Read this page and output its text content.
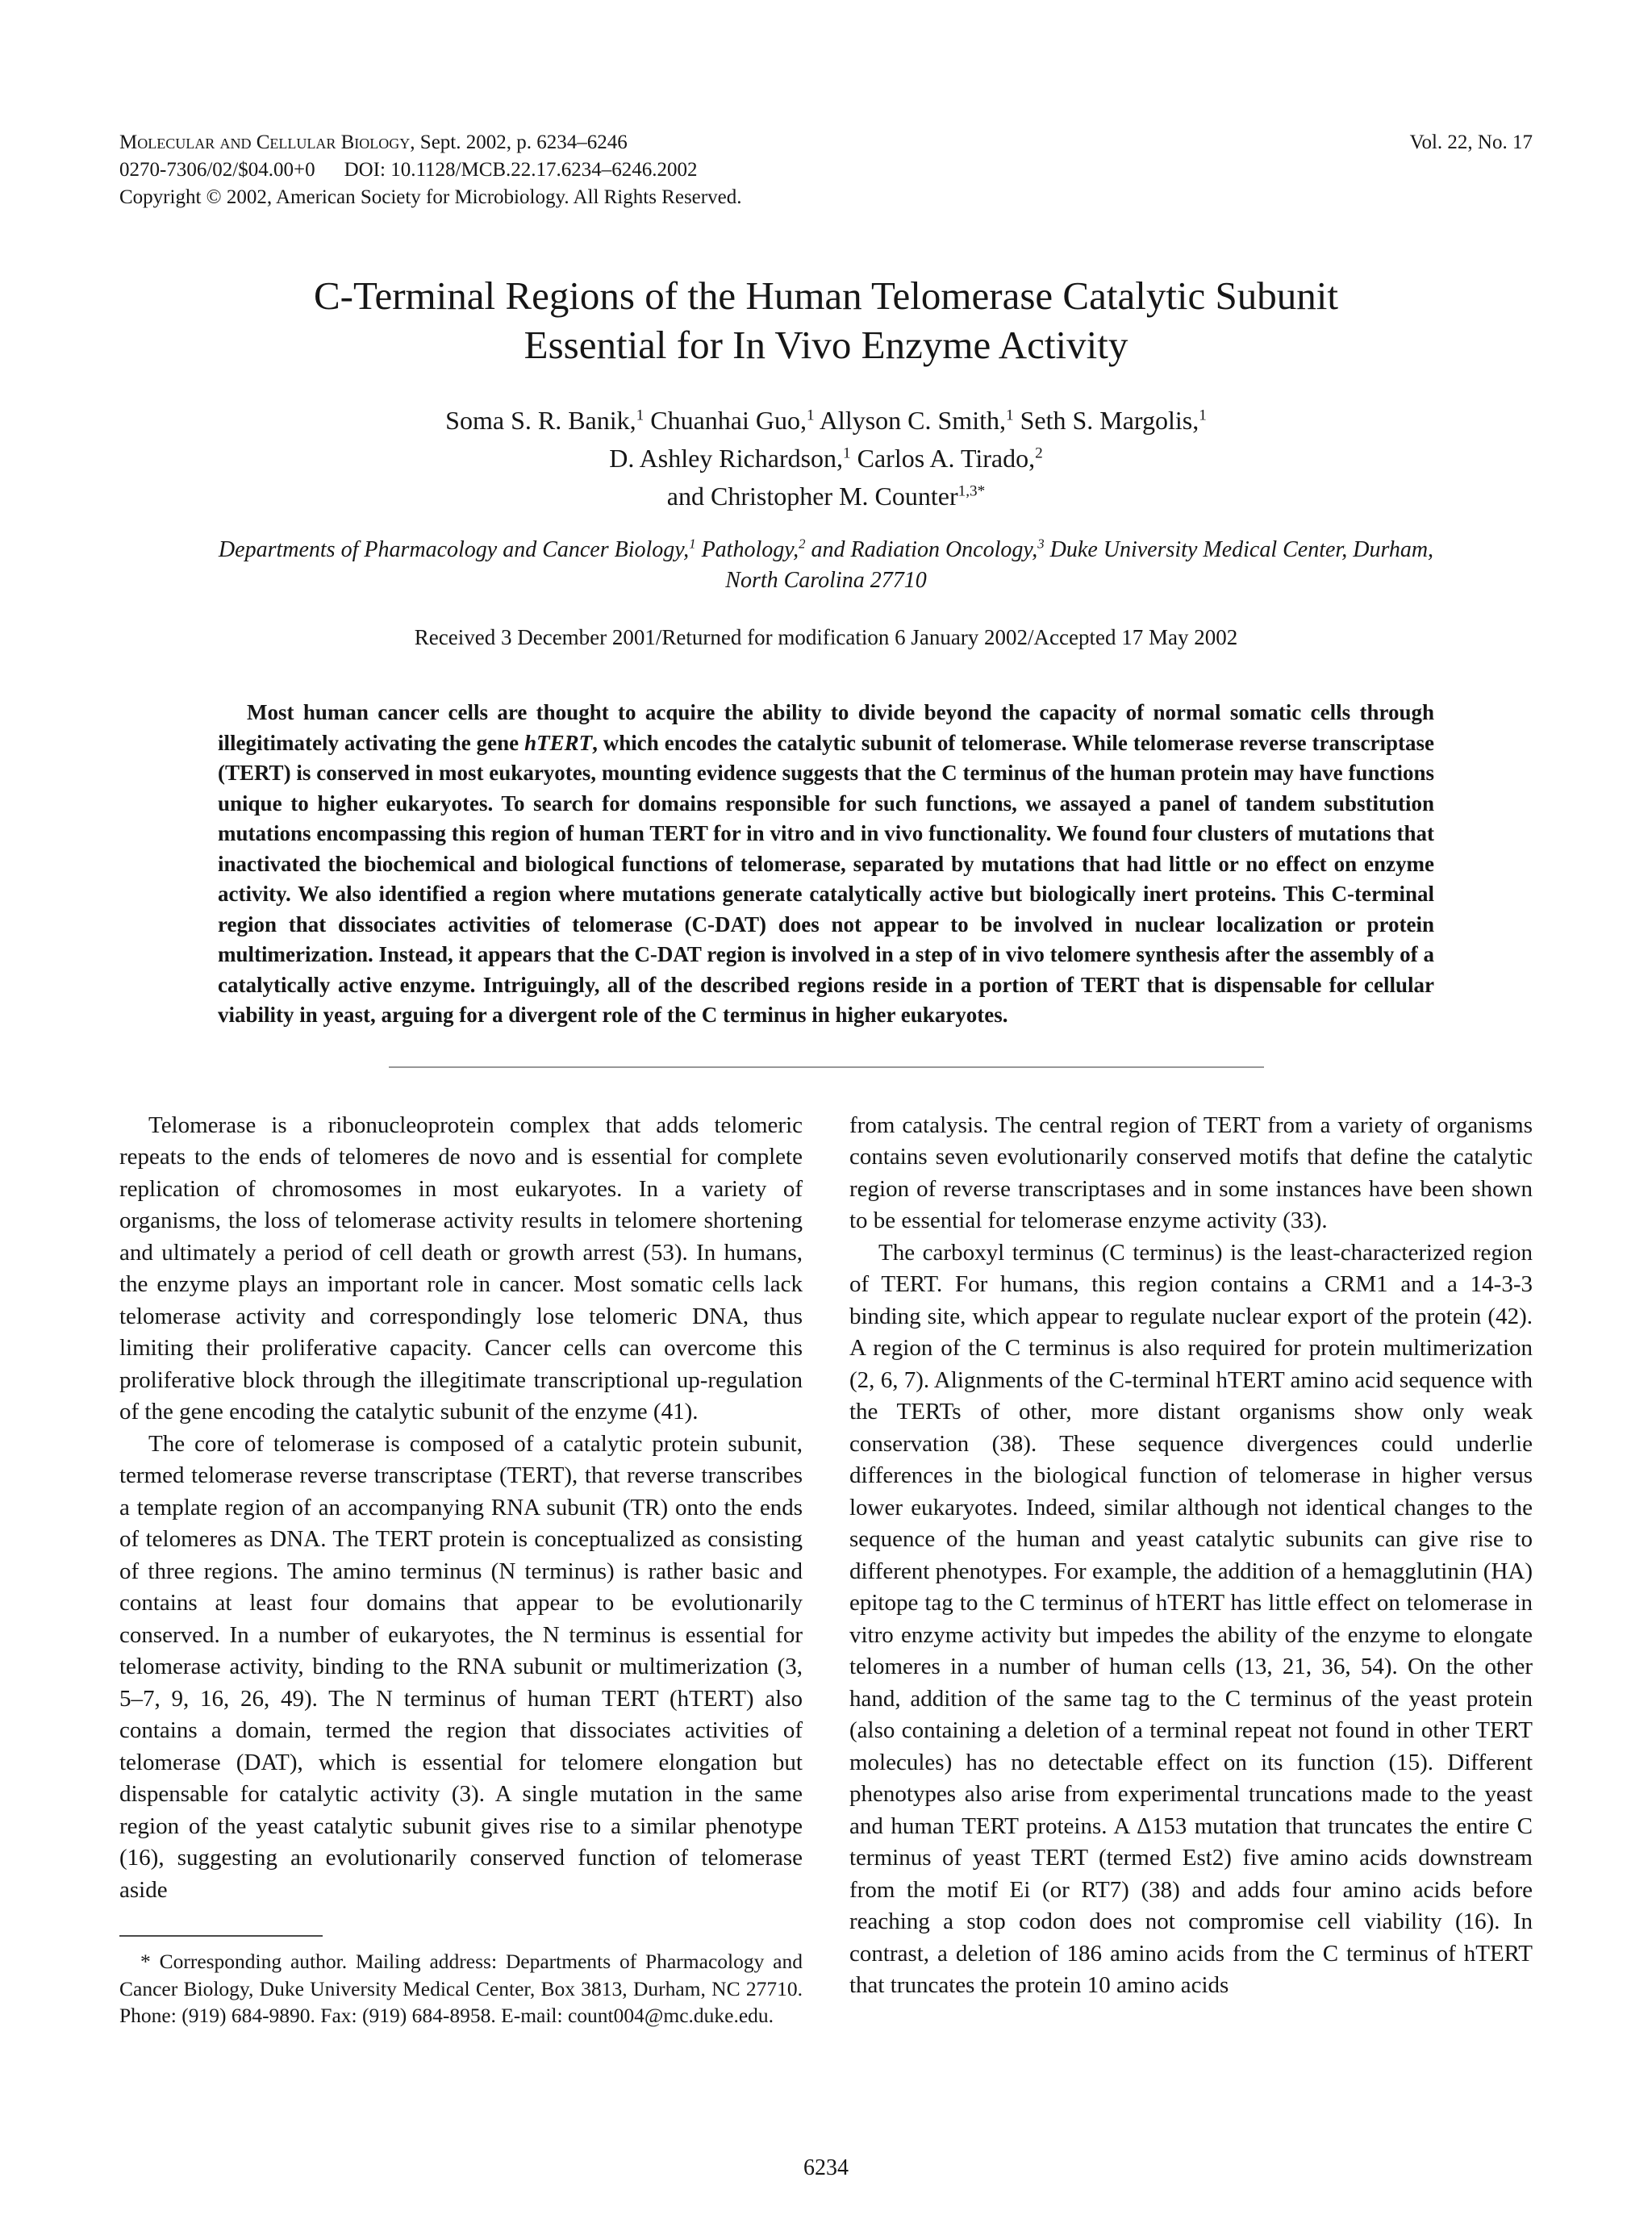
Molecular and Cellular Biology, Sept. 2002, p. 6234–6246	Vol. 22, No. 17
0270-7306/02/$04.00+0 DOI: 10.1128/MCB.22.17.6234–6246.2002
Copyright © 2002, American Society for Microbiology. All Rights Reserved.
C-Terminal Regions of the Human Telomerase Catalytic Subunit
Essential for In Vivo Enzyme Activity
Soma S. R. Banik,$^1$ Chuanhai Guo,$^1$ Allyson C. Smith,$^1$ Seth S. Margolis,$^1$
D. Ashley Richardson,$^1$ Carlos A. Tirado,$^2$
and Christopher M. Counter$^{1,3*}$
Departments of Pharmacology and Cancer Biology,$^1$ Pathology,$^2$ and Radiation Oncology,$^3$ Duke University Medical Center, Durham, North Carolina 27710
Received 3 December 2001/Returned for modification 6 January 2002/Accepted 17 May 2002

Most human cancer cells are thought to acquire the ability to divide beyond the capacity of normal somatic cells through illegitimately activating the gene hTERT, which encodes the catalytic subunit of telomerase. While telomerase reverse transcriptase (TERT) is conserved in most eukaryotes, mounting evidence suggests that the C terminus of the human protein may have functions unique to higher eukaryotes. To search for domains responsible for such functions, we assayed a panel of tandem substitution mutations encompassing this region of human TERT for in vitro and in vivo functionality. We found four clusters of mutations that inactivated the biochemical and biological functions of telomerase, separated by mutations that had little or no effect on enzyme activity. We also identified a region where mutations generate catalytically active but biologically inert proteins. This C-terminal region that dissociates activities of telomerase (C-DAT) does not appear to be involved in nuclear localization or protein multimerization. Instead, it appears that the C-DAT region is involved in a step of in vivo telomere synthesis after the assembly of a catalytically active enzyme. Intriguingly, all of the described regions reside in a portion of TERT that is dispensable for cellular viability in yeast, arguing for a divergent role of the C terminus in higher eukaryotes.

Telomerase is a ribonucleoprotein complex that adds telomeric repeats to the ends of telomeres de novo and is essential for complete replication of chromosomes in most eukaryotes. In a variety of organisms, the loss of telomerase activity results in telomere shortening and ultimately a period of cell death or growth arrest (53). In humans, the enzyme plays an important role in cancer. Most somatic cells lack telomerase activity and correspondingly lose telomeric DNA, thus limiting their proliferative capacity. Cancer cells can overcome this proliferative block through the illegitimate transcriptional up-regulation of the gene encoding the catalytic subunit of the enzyme (41).

The core of telomerase is composed of a catalytic protein subunit, termed telomerase reverse transcriptase (TERT), that reverse transcribes a template region of an accompanying RNA subunit (TR) onto the ends of telomeres as DNA. The TERT protein is conceptualized as consisting of three regions. The amino terminus (N terminus) is rather basic and contains at least four domains that appear to be evolutionarily conserved. In a number of eukaryotes, the N terminus is essential for telomerase activity, binding to the RNA subunit or multimerization (3, 5–7, 9, 16, 26, 49). The N terminus of human TERT (hTERT) also contains a domain, termed the region that dissociates activities of telomerase (DAT), which is essential for telomere elongation but dispensable for catalytic activity (3). A single mutation in the same region of the yeast catalytic subunit gives rise to a similar phenotype (16), suggesting an evolutionarily conserved function of telomerase aside

* Corresponding author. Mailing address: Departments of Pharmacology and Cancer Biology, Duke University Medical Center, Box 3813, Durham, NC 27710. Phone: (919) 684-9890. Fax: (919) 684-8958. E-mail: count004@mc.duke.edu.

from catalysis. The central region of TERT from a variety of organisms contains seven evolutionarily conserved motifs that define the catalytic region of reverse transcriptases and in some instances have been shown to be essential for telomerase enzyme activity (33).

The carboxyl terminus (C terminus) is the least-characterized region of TERT. For humans, this region contains a CRM1 and a 14-3-3 binding site, which appear to regulate nuclear export of the protein (42). A region of the C terminus is also required for protein multimerization (2, 6, 7). Alignments of the C-terminal hTERT amino acid sequence with the TERTs of other, more distant organisms show only weak conservation (38). These sequence divergences could underlie differences in the biological function of telomerase in higher versus lower eukaryotes. Indeed, similar although not identical changes to the sequence of the human and yeast catalytic subunits can give rise to different phenotypes. For example, the addition of a hemagglutinin (HA) epitope tag to the C terminus of hTERT has little effect on telomerase in vitro enzyme activity but impedes the ability of the enzyme to elongate telomeres in a number of human cells (13, 21, 36, 54). On the other hand, addition of the same tag to the C terminus of the yeast protein (also containing a deletion of a terminal repeat not found in other TERT molecules) has no detectable effect on its function (15). Different phenotypes also arise from experimental truncations made to the yeast and human TERT proteins. A Δ153 mutation that truncates the entire C terminus of yeast TERT (termed Est2) five amino acids downstream from the motif Ei (or RT7) (38) and adds four amino acids before reaching a stop codon does not compromise cell viability (16). In contrast, a deletion of 186 amino acids from the C terminus of hTERT that truncates the protein 10 amino acids

6234
